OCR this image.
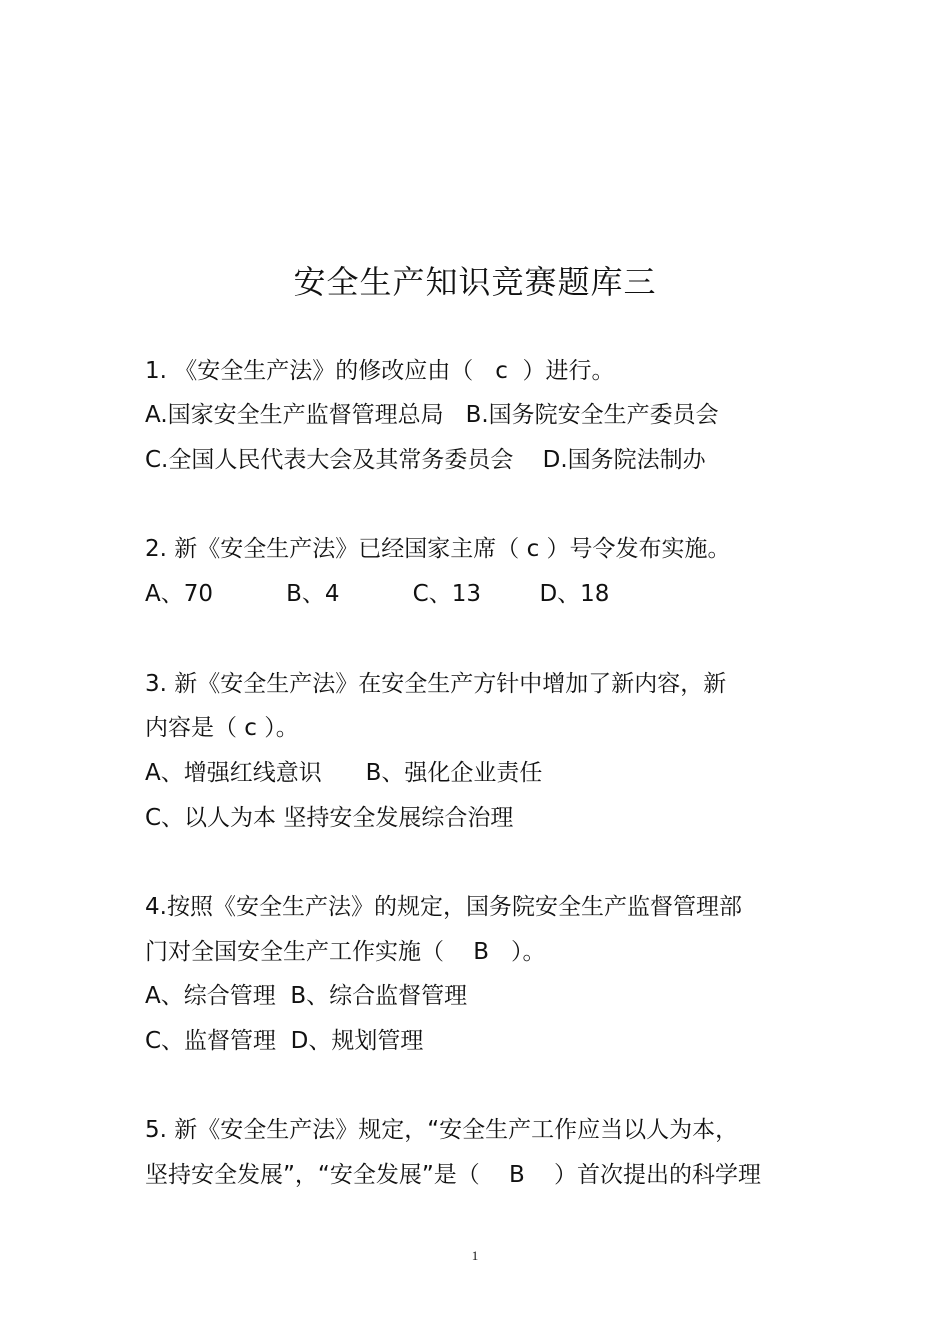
安全生产知识竞赛题库三
1. 《安全生产法》的修改应由（   c  ）进行。
A.国家安全生产监督管理总局   B.国务院安全生产委员会
C.全国人民代表大会及其常务委员会    D.国务院法制办
2. 新《安全生产法》已经国家主席（ c ）号令发布实施。
A、70          B、4          C、13        D、18
3. 新《安全生产法》在安全生产方针中增加了新内容，新
内容是（ c ）。
A、增强红线意识      B、强化企业责任
C、以人为本 坚持安全发展综合治理
4.按照《安全生产法》的规定，国务院安全生产监督管理部
门对全国安全生产工作实施（    B   ）。
A、综合管理  B、综合监督管理
C、监督管理  D、规划管理
5. 新《安全生产法》规定，“安全生产工作应当以人为本，
坚持安全发展”，“安全发展”是（    B    ）首次提出的科学理
1
